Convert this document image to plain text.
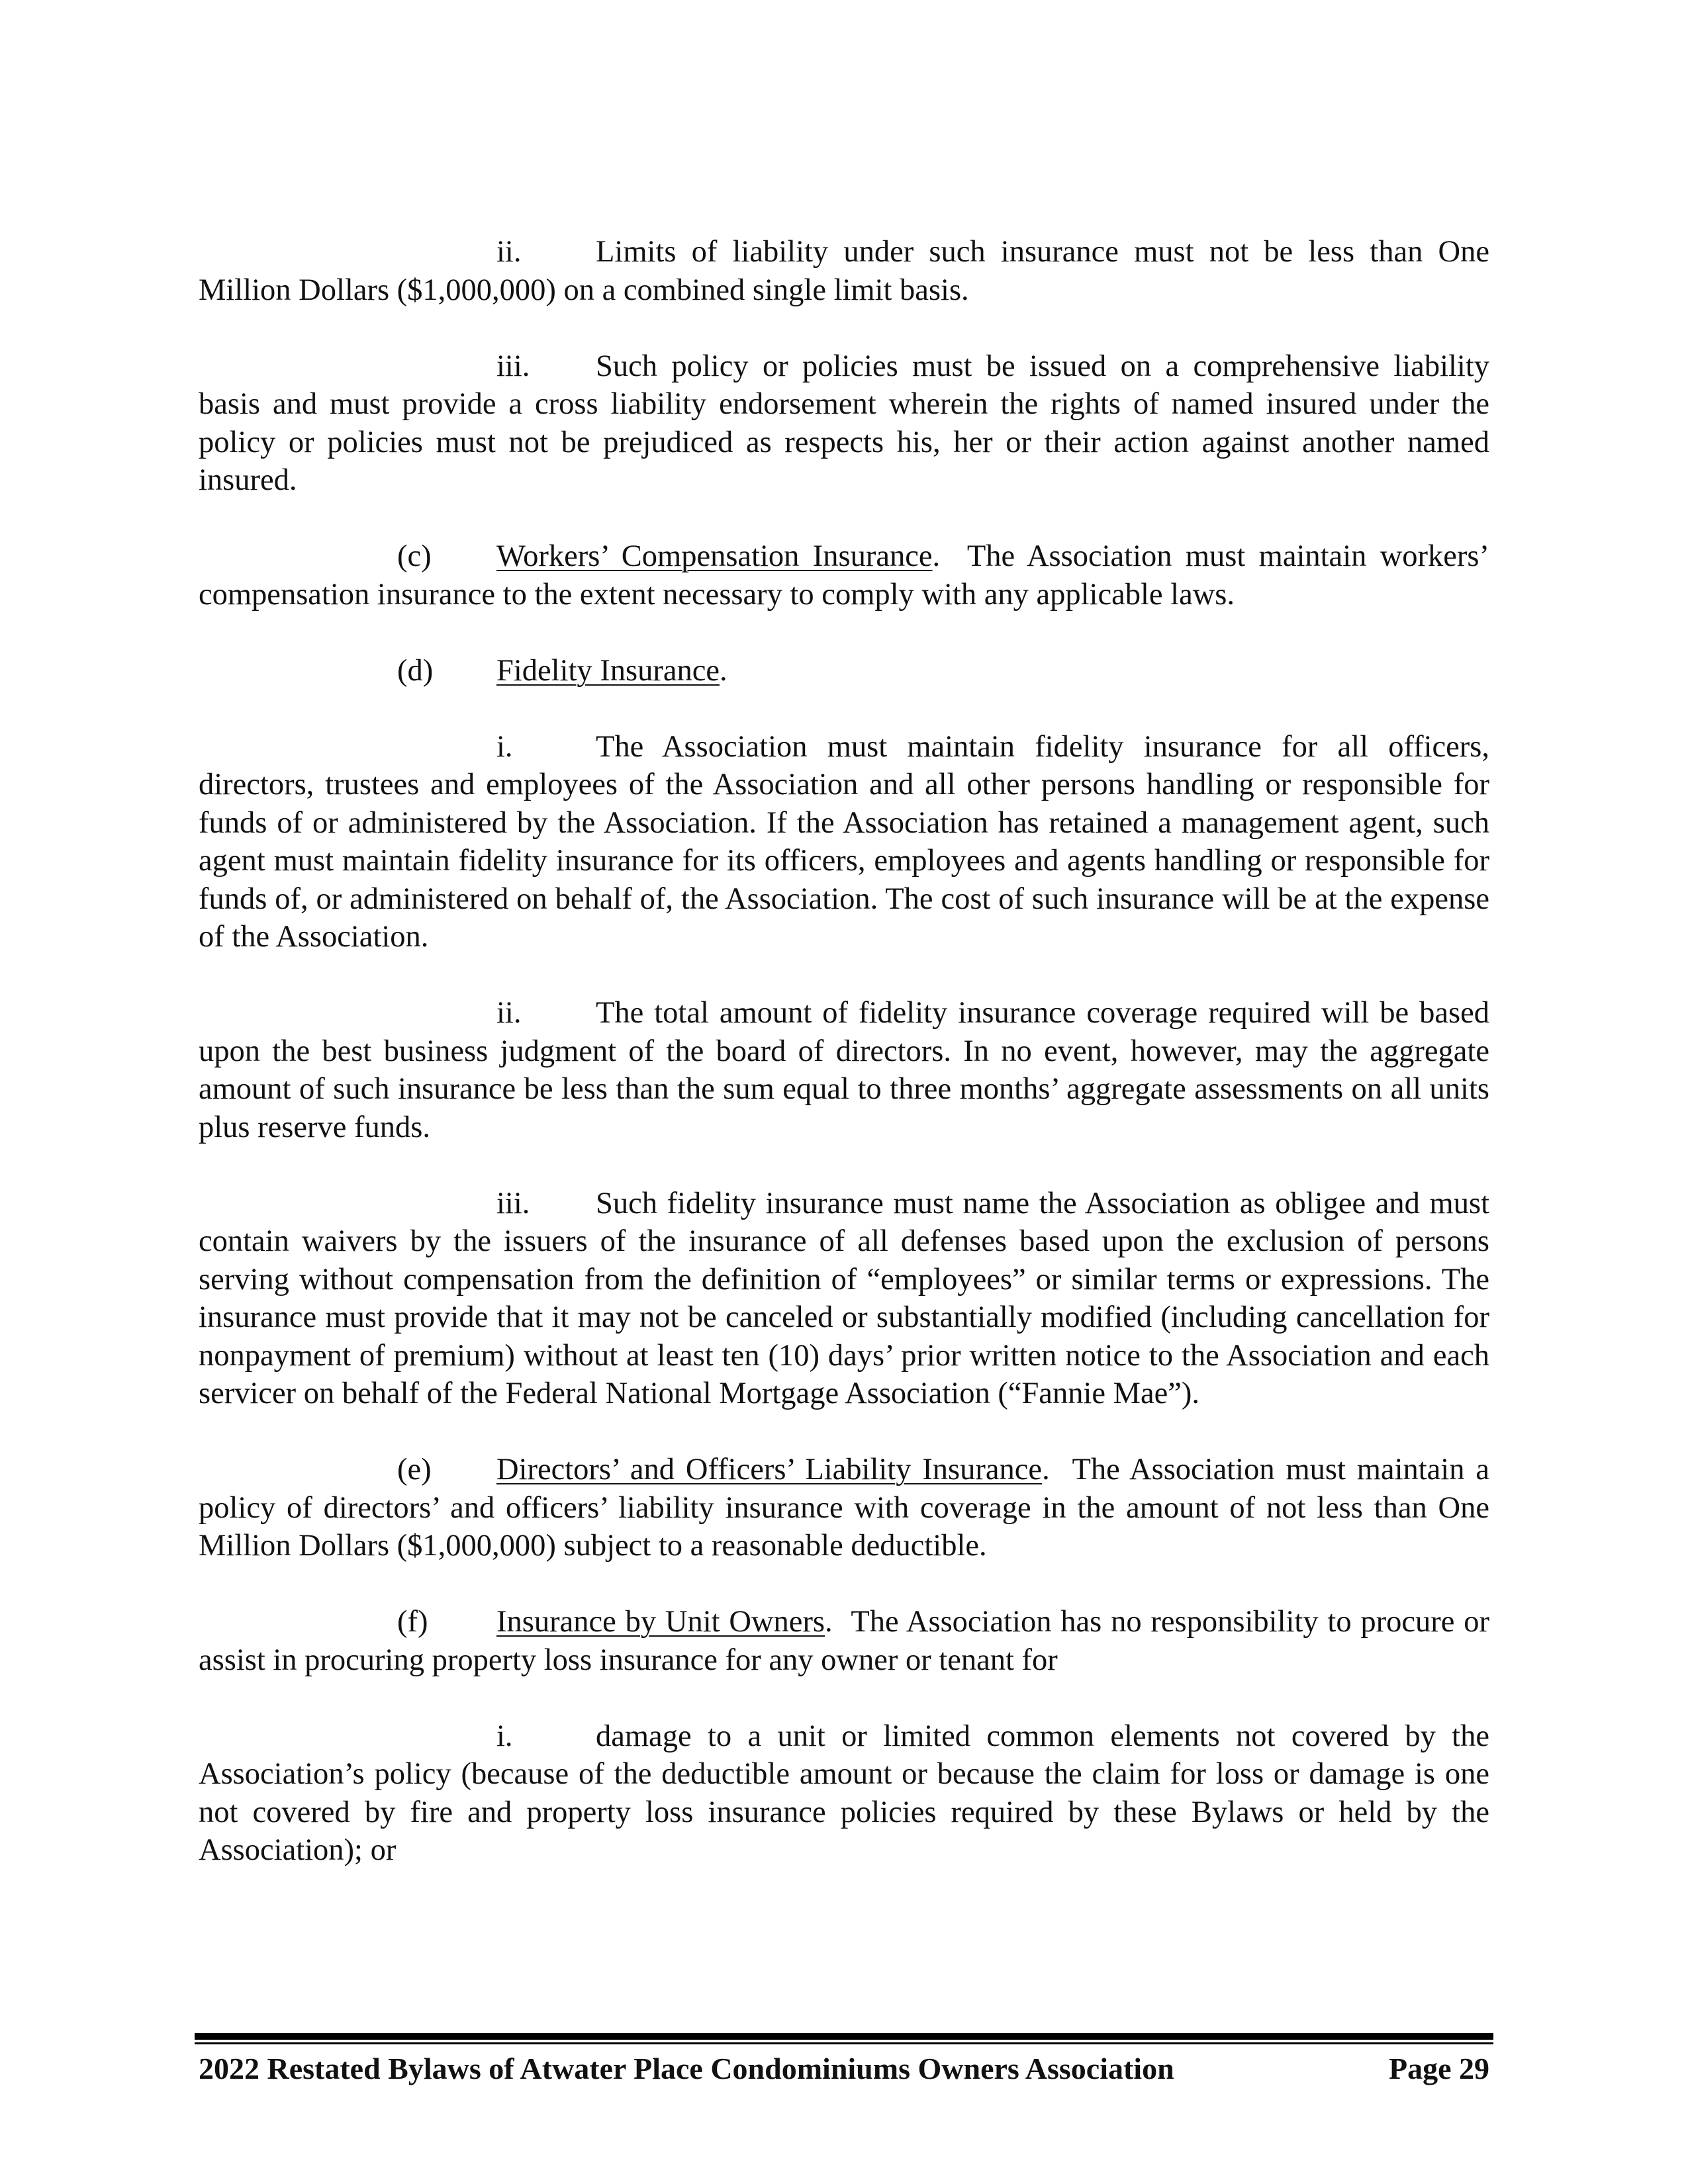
ii. Limits of liability under such insurance must not be less than One Million Dollars ($1,000,000) on a combined single limit basis.

iii. Such policy or policies must be issued on a comprehensive liability basis and must provide a cross liability endorsement wherein the rights of named insured under the policy or policies must not be prejudiced as respects his, her or their action against another named insured.

(c) Workers’ Compensation Insurance. The Association must maintain workers’ compensation insurance to the extent necessary to comply with any applicable laws.

(d) Fidelity Insurance.

i.	The Association must maintain fidelity insurance for all officers, directors, trustees and employees of the Association and all other persons handling or responsible for funds of or administered by the Association. If the Association has retained a management agent, such agent must maintain fidelity insurance for its officers, employees and agents handling or responsible for funds of, or administered on behalf of, the Association. The cost of such insurance will be at the expense of the Association.

ii. The total amount of fidelity insurance coverage required will be based upon the best business judgment of the board of directors. In no event, however, may the aggregate amount of such insurance be less than the sum equal to three months’ aggregate assessments on all units plus reserve funds.

iii. Such fidelity insurance must name the Association as obligee and must contain waivers by the issuers of the insurance of all defenses based upon the exclusion of persons serving without compensation from the definition of “employees” or similar terms or expressions. The insurance must provide that it may not be canceled or substantially modified (including cancellation for nonpayment of premium) without at least ten (10) days’ prior written notice to the Association and each servicer on behalf of the Federal National Mortgage Association (“Fannie Mae”).

(e) Directors’ and Officers’ Liability Insurance. The Association must maintain a policy of directors’ and officers’ liability insurance with coverage in the amount of not less than One Million Dollars ($1,000,000) subject to a reasonable deductible.

(f) Insurance by Unit Owners. The Association has no responsibility to procure or assist in procuring property loss insurance for any owner or tenant for

i.	damage to a unit or limited common elements not covered by the Association’s policy (because of the deductible amount or because the claim for loss or damage is one not covered by fire and property loss insurance policies required by these Bylaws or held by the Association); or

2022 Restated Bylaws of Atwater Place Condominiums Owners Association	Page 29
